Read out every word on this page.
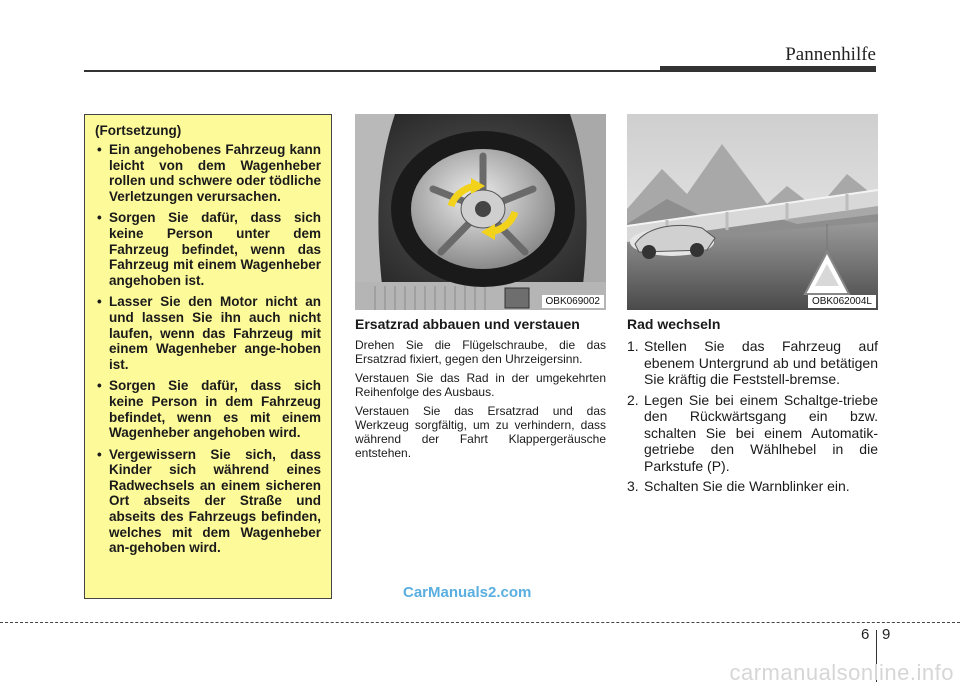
Pannenhilfe
(Fortsetzung)
• Ein angehobenes Fahrzeug kann leicht von dem Wagenheber rollen und schwere oder tödliche Verletzungen verursachen.
• Sorgen Sie dafür, dass sich keine Person unter dem Fahrzeug befindet, wenn das Fahrzeug mit einem Wagenheber angehoben ist.
• Lasser Sie den Motor nicht an und lassen Sie ihn auch nicht laufen, wenn das Fahrzeug mit einem Wagenheber ange-hoben ist.
• Sorgen Sie dafür, dass sich keine Person in dem Fahrzeug befindet, wenn es mit einem Wagenheber angehoben wird.
• Vergewissern Sie sich, dass Kinder sich während eines Radwechsels an einem sicheren Ort abseits der Straße und abseits des Fahrzeugs befinden, welches mit dem Wagenheber an-gehoben wird.
OBK069002	OBK062004L
Ersatzrad abbauen und verstauen

Drehen Sie die Flügelschraube, die das Ersatzrad fixiert, gegen den Uhrzeigersinn.

Verstauen Sie das Rad in der umgekehrten Reihenfolge des Ausbaus.

Verstauen Sie das Ersatzrad und das Werkzeug sorgfältig, um zu verhindern, dass während der Fahrt Klappergeräusche entstehen.

Rad wechseln
1. Stellen Sie das Fahrzeug auf ebenem Untergrund ab und betätigen Sie kräftig die Feststell-bremse.
2. Legen Sie bei einem Schaltge-triebe den Rückwärtsgang ein bzw. schalten Sie bei einem Automatik-getriebe den Wählhebel in die Parkstufe (P).
3. Schalten Sie die Warnblinker ein.
CarManuals2.com
6 9
carmanualsonline.info
